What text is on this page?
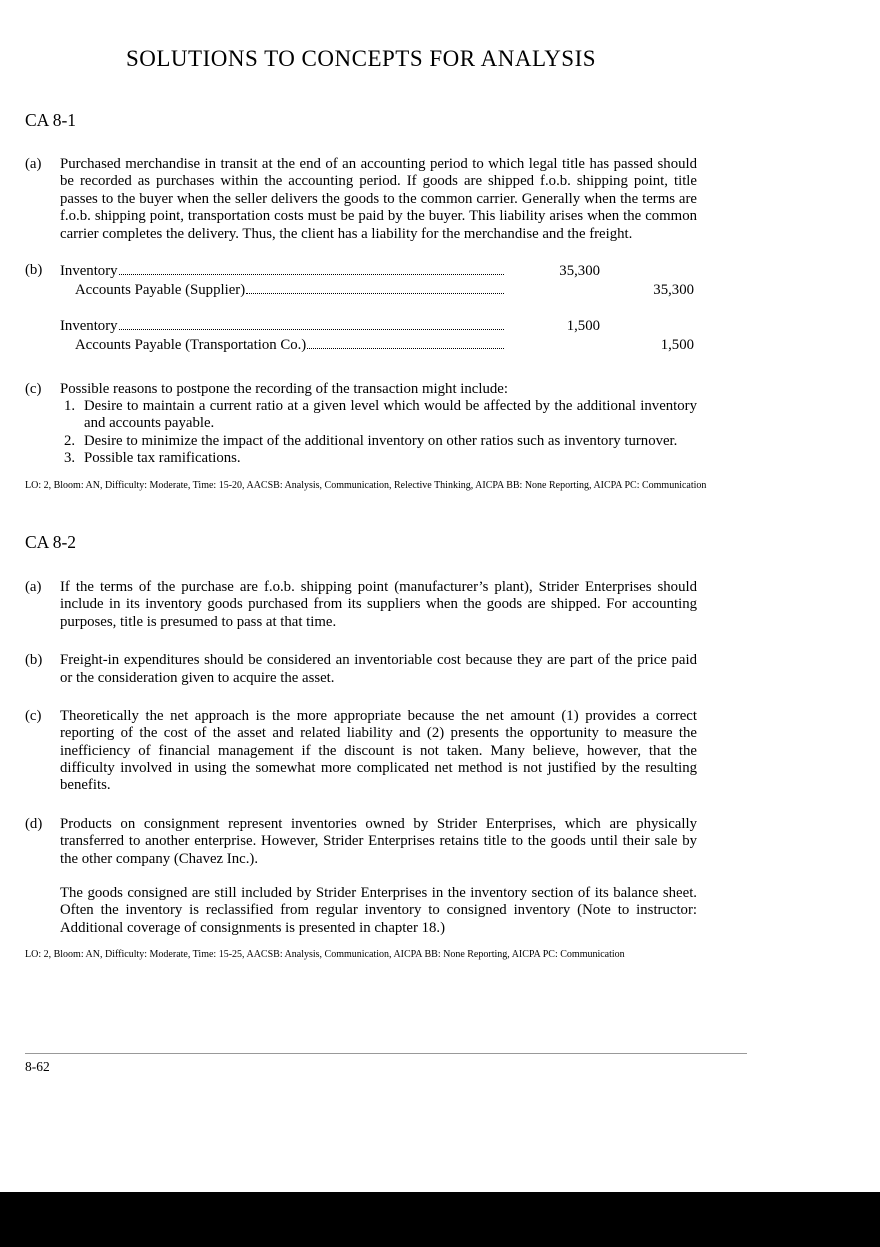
SOLUTIONS TO CONCEPTS FOR ANALYSIS
CA 8-1
(a)	Purchased merchandise in transit at the end of an accounting period to which legal title has passed should be recorded as purchases within the accounting period. If goods are shipped f.o.b. shipping point, title passes to the buyer when the seller delivers the goods to the common carrier. Generally when the terms are f.o.b. shipping point, transportation costs must be paid by the buyer. This liability arises when the common carrier completes the delivery. Thus, the client has a liability for the merchandise and the freight.
(b)	Inventory	35,300
Accounts Payable (Supplier)	35,300
Inventory	1,500
Accounts Payable (Transportation Co.)	1,500
(c)	Possible reasons to postpone the recording of the transaction might include:
1. Desire to maintain a current ratio at a given level which would be affected by the additional inventory and accounts payable.
2. Desire to minimize the impact of the additional inventory on other ratios such as inventory turnover.
3. Possible tax ramifications.
LO: 2, Bloom: AN, Difficulty: Moderate, Time: 15-20, AACSB: Analysis, Communication, Relective Thinking, AICPA BB: None Reporting, AICPA PC: Communication
CA 8-2
(a)	If the terms of the purchase are f.o.b. shipping point (manufacturer’s plant), Strider Enterprises should include in its inventory goods purchased from its suppliers when the goods are shipped. For accounting purposes, title is presumed to pass at that time.
(b)	Freight-in expenditures should be considered an inventoriable cost because they are part of the price paid or the consideration given to acquire the asset.
(c)	Theoretically the net approach is the more appropriate because the net amount (1) provides a correct reporting of the cost of the asset and related liability and (2) presents the opportunity to measure the inefficiency of financial management if the discount is not taken. Many believe, however, that the difficulty involved in using the somewhat more complicated net method is not justified by the resulting benefits.
(d)	Products on consignment represent inventories owned by Strider Enterprises, which are physically transferred to another enterprise. However, Strider Enterprises retains title to the goods until their sale by the other company (Chavez Inc.).

The goods consigned are still included by Strider Enterprises in the inventory section of its balance sheet. Often the inventory is reclassified from regular inventory to consigned inventory (Note to instructor: Additional coverage of consignments is presented in chapter 18.)

LO: 2, Bloom: AN, Difficulty: Moderate, Time: 15-25, AACSB: Analysis, Communication, AICPA BB: None Reporting, AICPA PC: Communication
8-62
